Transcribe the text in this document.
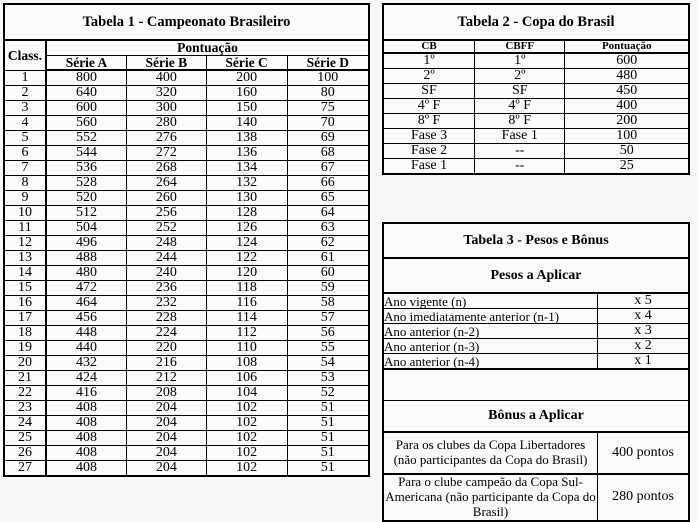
Tabela 1 - Campeonato Brasileiro				
Class.	Pontuação			
	Série A	Série B	Série C	Série D
1	800	400	200	100
2	640	320	160	80
3	600	300	150	75
4	560	280	140	70
5	552	276	138	69
6	544	272	136	68
7	536	268	134	67
8	528	264	132	66
9	520	260	130	65
10	512	256	128	64
11	504	252	126	63
12	496	248	124	62
13	488	244	122	61
14	480	240	120	60
15	472	236	118	59
16	464	232	116	58
17	456	228	114	57
18	448	224	112	56
19	440	220	110	55
20	432	216	108	54
21	424	212	106	53
22	416	208	104	52
23	408	204	102	51
24	408	204	102	51
25	408	204	102	51
26	408	204	102	51
27	408	204	102	51
Tabela 2 - Copa do Brasil		
CB	CBFF	Pontuação
1º	1º	600
2º	2º	480
SF	SF	450
4º F	4º F	400
8º F	8º F	200
Fase 3	Fase 1	100
Fase 2	--	50
Fase 1	--	25
Tabela 3 - Pesos e Bônus	
Pesos a Aplicar	
Ano vigente (n)	x 5
Ano imediatamente anterior (n-1)	x 4
Ano anterior (n-2)	x 3
Ano anterior (n-3)	x 2
Ano anterior (n-4)	x 1

Bônus a Aplicar	
Para os clubes da Copa Libertadores (não participantes da Copa do Brasil)	400 pontos
Para o clube campeão da Copa Sul-Americana (não participante da Copa do Brasil)	280 pontos
